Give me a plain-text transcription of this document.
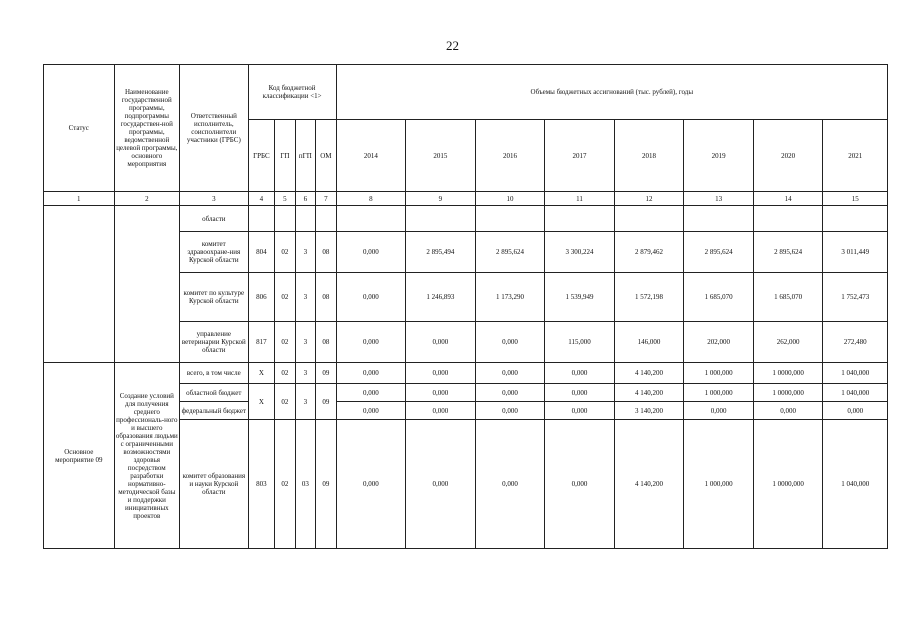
22
Статус	Наименование государственной программы, подпрограммы государствен-ной программы, ведомственной целевой программы, основного мероприятия	Ответственный исполнитель, соисполнители участники (ГРБС)	Код бюджетной классификации <1>				Объемы бюджетных ассигнований (тыс. рублей), годы							
			ГРБС	ГП	пГП	ОМ	2014	2015	2016	2017	2018	2019	2020	2021
1	2	3	4	5	6	7	8	9	10	11	12	13	14	15
		области												
		комитет здравоохране-ния Курской области	804	02	3	08	0,000	2 895,494	2 895,624	3 300,224	2 879,462	2 895,624	2 895,624	3 011,449
		комитет по культуре Курской области	806	02	3	08	0,000	1 246,893	1 173,290	1 539,949	1 572,198	1 685,070	1 685,070	1 752,473
		управление ветеринарии Курской области	817	02	3	08	0,000	0,000	0,000	115,000	146,000	202,000	262,000	272,480
Основное мероприятие 09	Создание условий для получения среднего профессиональ-ного и высшего образования людьми с ограниченными возможностями здоровья посредством разработки нормативно-методической базы и поддержки инициативных проектов	всего, в том числе	Х	02	3	09	0,000	0,000	0,000	0,000	4 140,200	1 000,000	1 0000,000	1 040,000
		областной бюджет	Х	02	3	09	0,000	0,000	0,000	0,000	4 140,200	1 000,000	1 0000,000	1 040,000
		федеральный бюджет					0,000	0,000	0,000	0,000	3 140,200	0,000	0,000	0,000
		комитет образования и науки Курской области	803	02	03	09	0,000	0,000	0,000	0,000	4 140,200	1 000,000	1 0000,000	1 040,000
